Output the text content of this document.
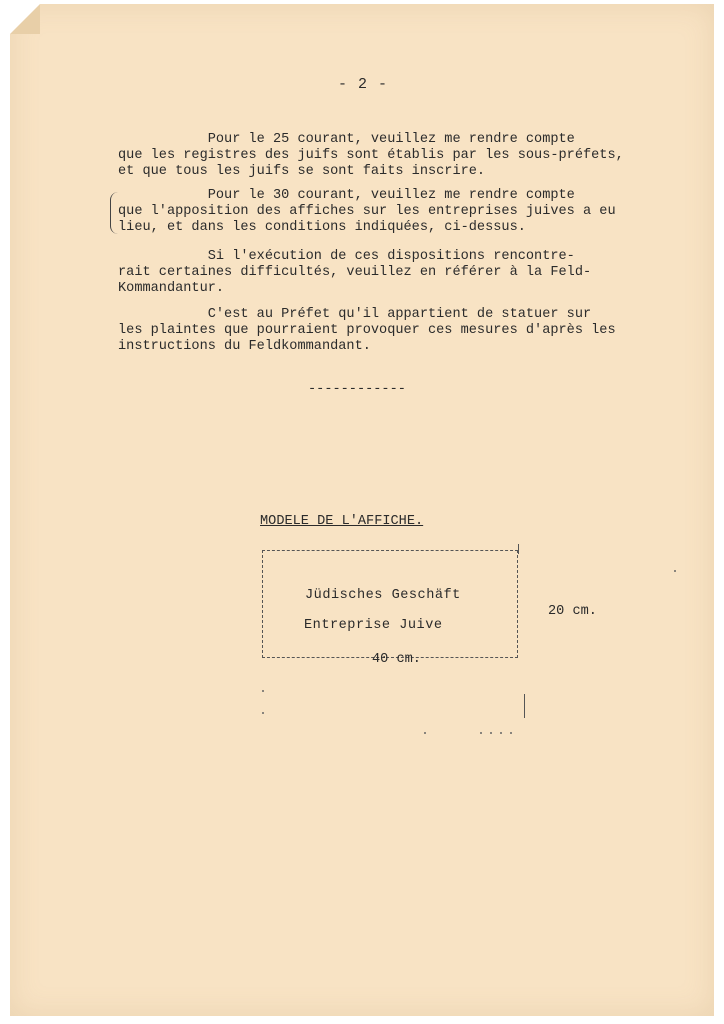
- 2 -
Pour le 25 courant, veuillez me rendre compte
que les registres des juifs sont établis par les sous-préfets,
et que tous les juifs se sont faits inscrire.
Pour le 30 courant, veuillez me rendre compte
que l'apposition des affiches sur les entreprises juives a eu
lieu, et dans les conditions indiquées, ci-dessus.
Si l'exécution de ces dispositions rencontre-
rait certaines difficultés, veuillez en référer à la Feld-
Kommandantur.
C'est au Préfet qu'il appartient de statuer sur
les plaintes que pourraient provoquer ces mesures d'après les
instructions du Feldkommandant.
------------
MODELE DE L'AFFICHE.
Jüdisches Geschäft
Entreprise Juive
20 cm.
40 cm.
